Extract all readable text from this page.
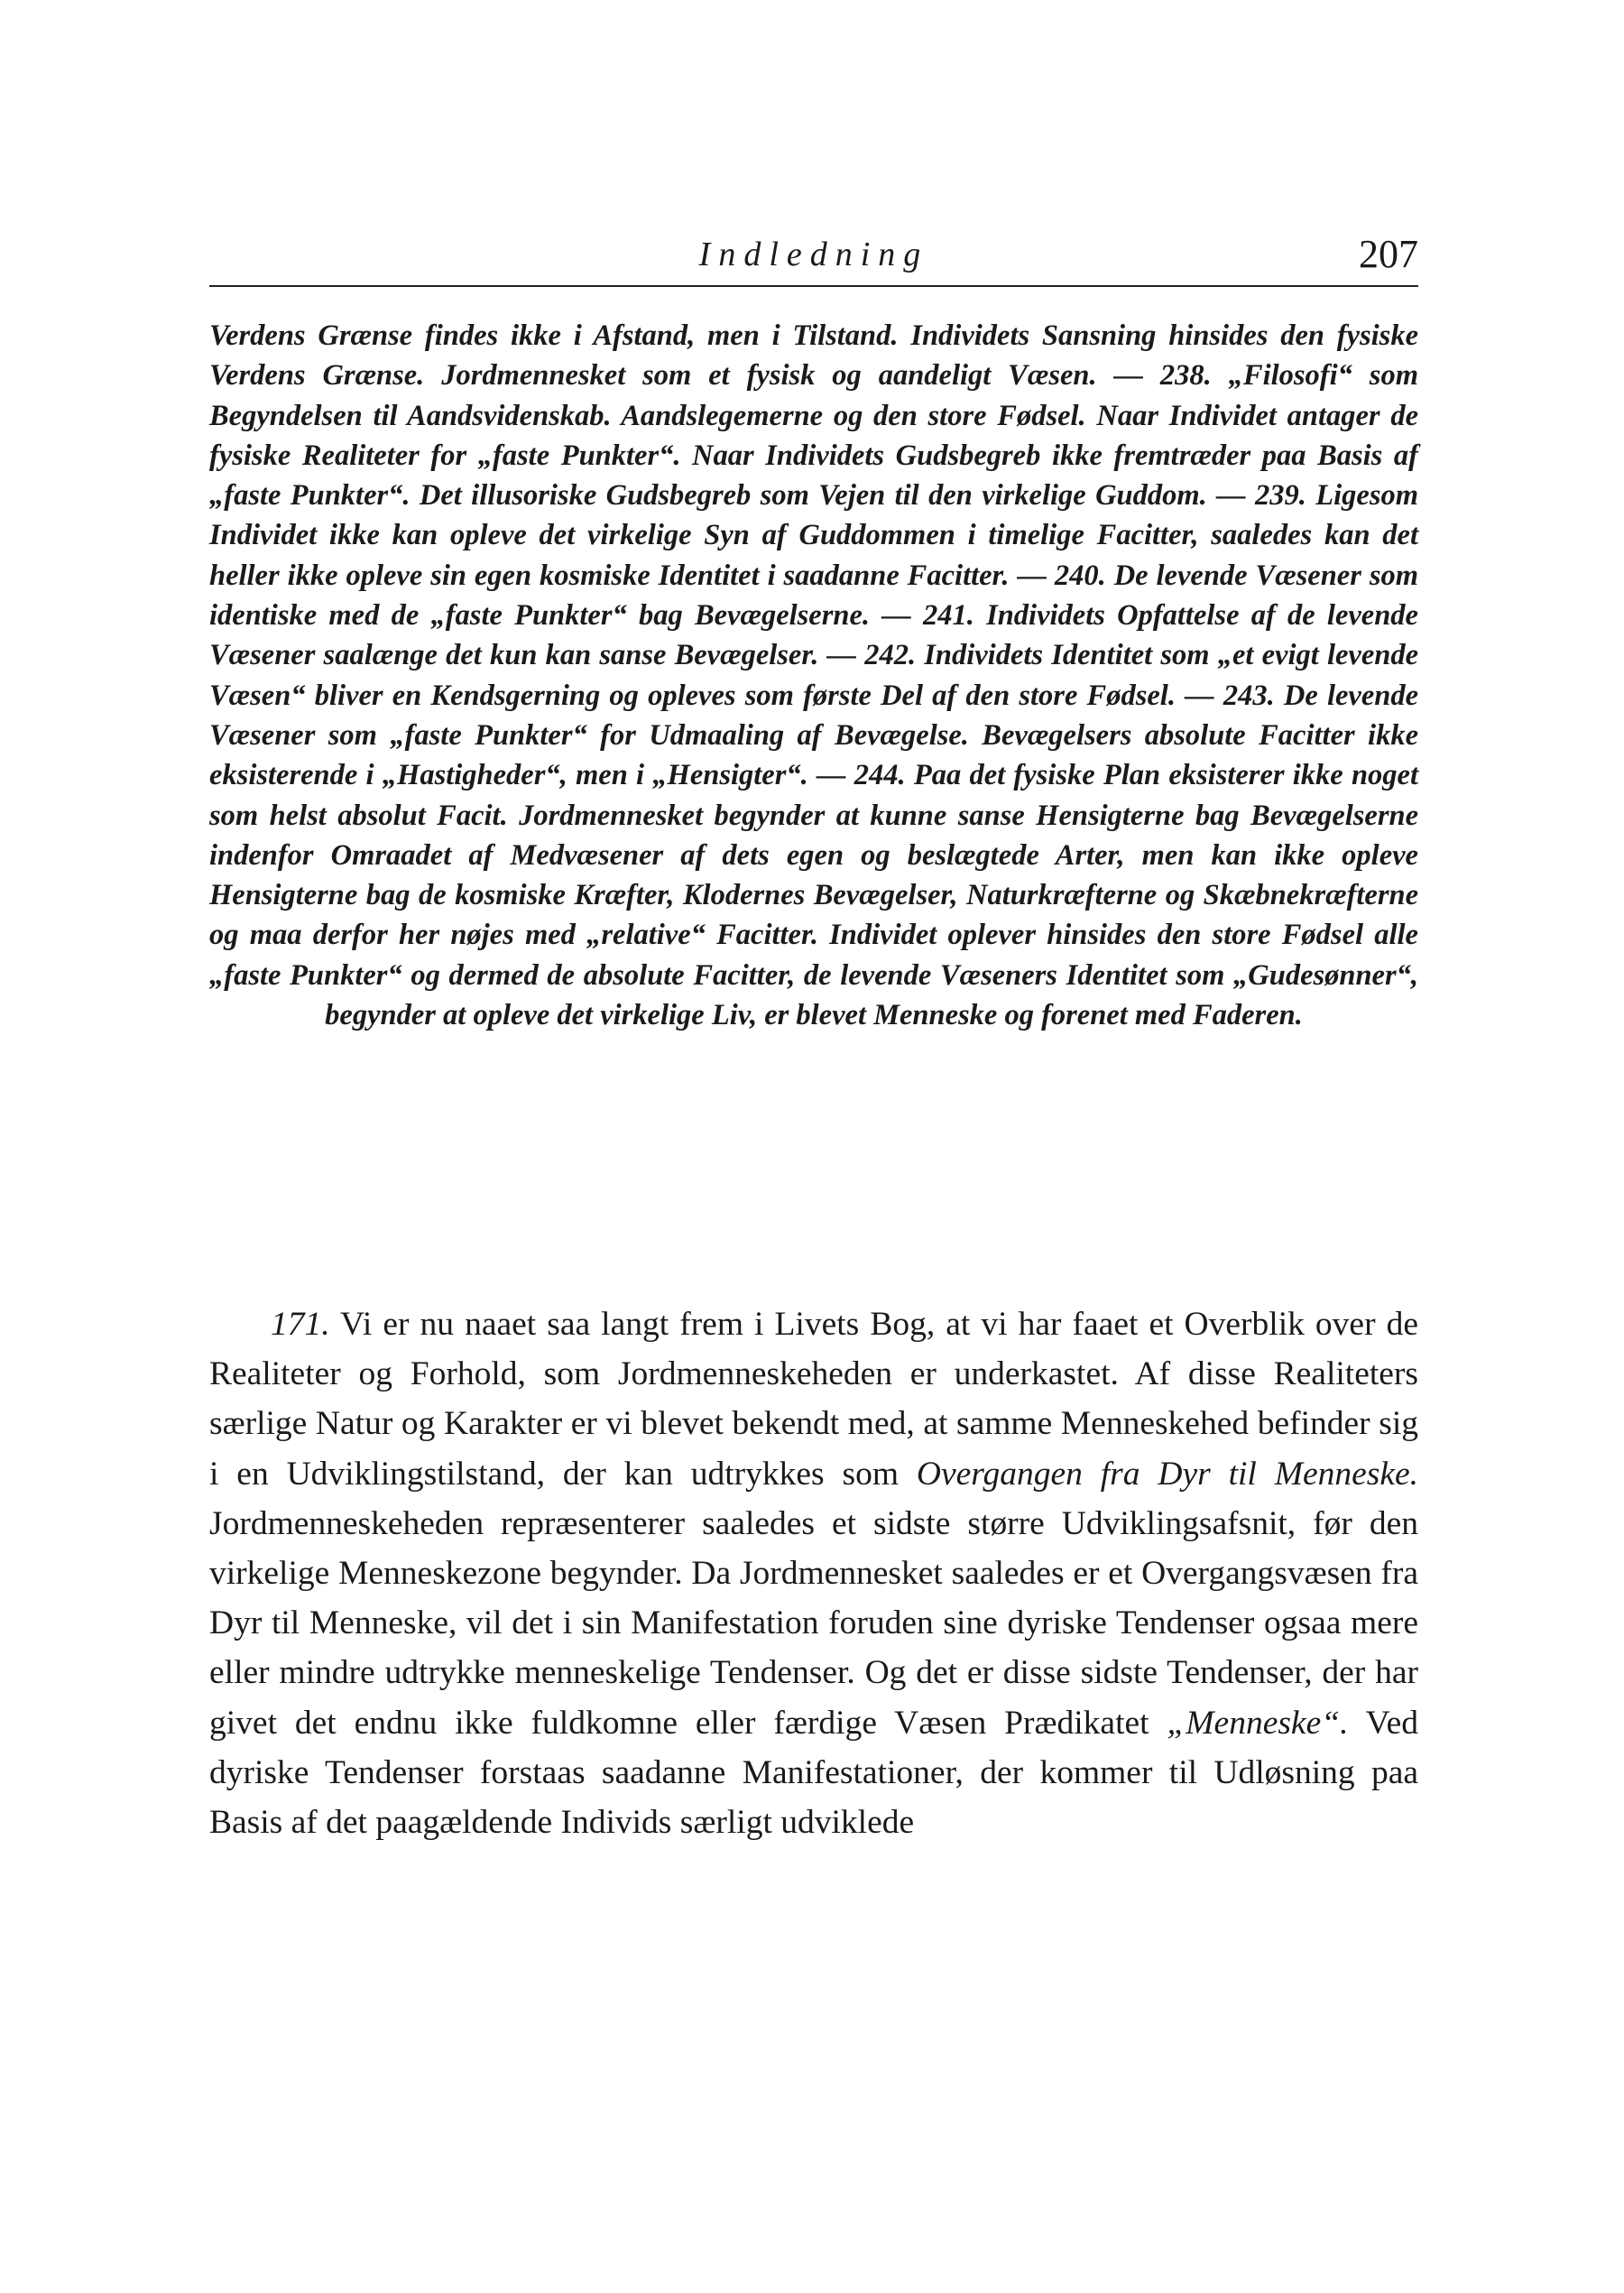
Indledning	207

Verdens Grænse findes ikke i Afstand, men i Tilstand. Individets Sansning hinsides den fysiske Verdens Grænse. Jordmennesket som et fysisk og aandeligt Væsen. — 238. „Filosofi“ som Begyndelsen til Aandsvidenskab. Aandslegemerne og den store Fødsel. Naar Individet antager de fysiske Realiteter for „faste Punkter“. Naar Individets Gudsbegreb ikke fremtræder paa Basis af „faste Punkter“. Det illusoriske Gudsbegreb som Vejen til den virkelige Guddom. — 239. Ligesom Individet ikke kan opleve det virkelige Syn af Guddommen i timelige Facitter, saaledes kan det heller ikke opleve sin egen kosmiske Identitet i saadanne Facitter. — 240. De levende Væsener som identiske med de „faste Punkter“ bag Bevægelserne. — 241. Individets Opfattelse af de levende Væsener saalænge det kun kan sanse Bevægelser. — 242. Individets Identitet som „et evigt levende Væsen“ bliver en Kendsgerning og opleves som første Del af den store Fødsel. — 243. De levende Væsener som „faste Punkter“ for Udmaaling af Bevægelse. Bevægelsers absolute Facitter ikke eksisterende i „Hastigheder“, men i „Hensigter“. — 244. Paa det fysiske Plan eksisterer ikke noget som helst absolut Facit. Jordmennesket begynder at kunne sanse Hensigterne bag Bevægelserne indenfor Omraadet af Medvæsener af dets egen og beslægtede Arter, men kan ikke opleve Hensigterne bag de kosmiske Kræfter, Klodernes Bevægelser, Naturkræfterne og Skæbnekræfterne og maa derfor her nøjes med „relative“ Facitter. Individet oplever hinsides den store Fødsel alle „faste Punkter“ og dermed de absolute Facitter, de levende Væseners Identitet som „Gudesønner“, begynder at opleve det virkelige Liv, er blevet Menneske og forenet med Faderen.

171. Vi er nu naaet saa langt frem i Livets Bog, at vi har faaet et Overblik over de Realiteter og Forhold, som Jordmenneskeheden er underkastet. Af disse Realiteters særlige Natur og Karakter er vi blevet bekendt med, at samme Menneskehed befinder sig i en Udviklingstilstand, der kan udtrykkes som Overgangen fra Dyr til Menneske. Jordmenneskeheden repræsenterer saaledes et sidste større Udviklingsafsnit, før den virkelige Menneskezone begynder. Da Jordmennesket saaledes er et Overgangsvæsen fra Dyr til Menneske, vil det i sin Manifestation foruden sine dyriske Tendenser ogsaa mere eller mindre udtrykke menneskelige Tendenser. Og det er disse sidste Tendenser, der har givet det endnu ikke fuldkomne eller færdige Væsen Prædikatet „Menneske“. Ved dyriske Tendenser forstaas saadanne Manifestationer, der kommer til Udløsning paa Basis af det paagældende Individs særligt udviklede
